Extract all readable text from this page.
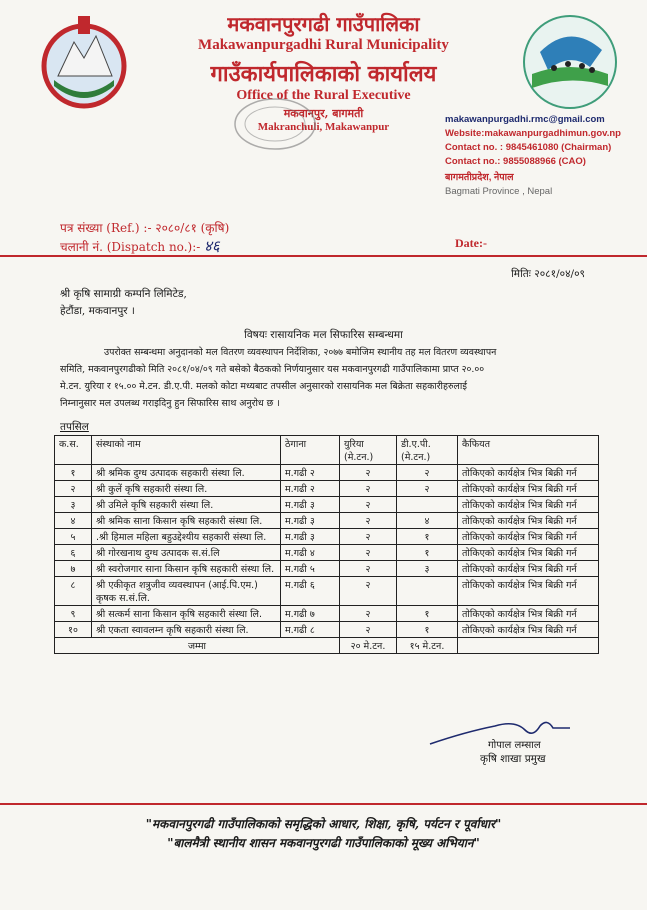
मकवानपुरगढी गाउँपालिका
Makawanpurgadhi Rural Municipality
गाउँकार्यपालिकाको कार्यालय
Office of the Rural Executive
मकवानपुर, बागमती
Makranchuli, Makawanpur
makawanpurgadhi.rmc@gmail.com
Website:makawanpurgadhimun.gov.np
Contact no. : 9845461080 (Chairman)
Contact no.: 9855088966 (CAO)
बागमतीप्रदेश, नेपाल
Bagmati Province , Nepal
पत्र संख्या (Ref.) :- २०८०/८१ (कृषि)
चलानी नं. (Dispatch no.):- ४६	Date:-
मितिः २०८१/०४/०९
श्री कृषि सामाग्री कम्पनि लिमिटेड,
हेटौंडा, मकवानपुर ।
विषयः रासायनिक मल सिफारिस सम्बन्धमा
उपरोक्त सम्बन्धमा अनुदानको मल वितरण व्यवस्थापन निर्देशिका, २०७७ बमोजिम स्थानीय तह मल वितरण व्यवस्थापन
समिति, मकवानपुरगढीको मिति २०८१/०४/०९ गते बसेको बैठकको निर्णयानुसार यस मकवानपुरगढी गाउँपालिकामा प्राप्त २०.००
मे.टन. युरिया र १५.०० मे.टन. डी.ए.पी. मलको कोटा मध्यबाट तपसील अनुसारको रासायनिक मल बिक्रेता सहकारीहरुलाई
निम्नानुसार मल उपलब्ध गराइदिनु हुन सिफारिस साथ अनुरोध छ ।
तपसिल
क.स.	संस्थाको नाम	ठेगाना	युरिया (मे.टन.)	डी.ए.पी. (मे.टन.)	कैफियत
१	श्री श्रमिक दुग्ध उत्पादक सहकारी संस्था लि.	म.गढी २	२	२	तोकिएको कार्यक्षेत्र भित्र बिक्री गर्न
२	श्री कुलें कृषि सहकारी संस्था लि.	म.गढी २	२	२	तोकिएको कार्यक्षेत्र भित्र बिक्री गर्न
३	श्री उमिले कृषि सहकारी संस्था लि.	म.गढी ३	२		तोकिएको कार्यक्षेत्र भित्र बिक्री गर्न
४	श्री श्रमिक साना किसान कृषि सहकारी संस्था लि.	म.गढी ३	२	४	तोकिएको कार्यक्षेत्र भित्र बिक्री गर्न
५	.श्री हिमाल महिला बहुउद्देश्यीय सहकारी संस्था लि.	म.गढी ३	२	१	तोकिएको कार्यक्षेत्र भित्र बिक्री गर्न
६	श्री गोरखनाथ दुग्ध उत्पादक स.सं.लि	म.गढी ४	२	१	तोकिएको कार्यक्षेत्र भित्र बिक्री गर्न
७	श्री स्वरोजगार साना किसान कृषि सहकारी संस्था लि.	म.गढी ५	२	३	तोकिएको कार्यक्षेत्र भित्र बिक्री गर्न
८	श्री एकीकृत शत्रुजीव व्यवस्थापन (आई.पि.एम.) कृषक स.सं.लि.	म.गढी ६	२		तोकिएको कार्यक्षेत्र भित्र बिक्री गर्न
९	श्री सत्कर्म साना किसान कृषि सहकारी संस्था लि.	म.गढी ७	२	१	तोकिएको कार्यक्षेत्र भित्र बिक्री गर्न
१०	श्री एकता स्वावलम्न कृषि सहकारी संस्था लि.	म.गढी ८	२	१	तोकिएको कार्यक्षेत्र भित्र बिक्री गर्न
जम्मा			२० मे.टन.	१५ मे.टन.	
गोपाल लम्साल
कृषि शाखा प्रमुख
"मकवानपुरगढी गाउँपालिकाको समृद्धिको आधार, शिक्षा, कृषि, पर्यटन र पूर्वाधार"
"बालमैत्री स्थानीय शासन मकवानपुरगढी गाउँपालिकाको मूख्य अभियान"
